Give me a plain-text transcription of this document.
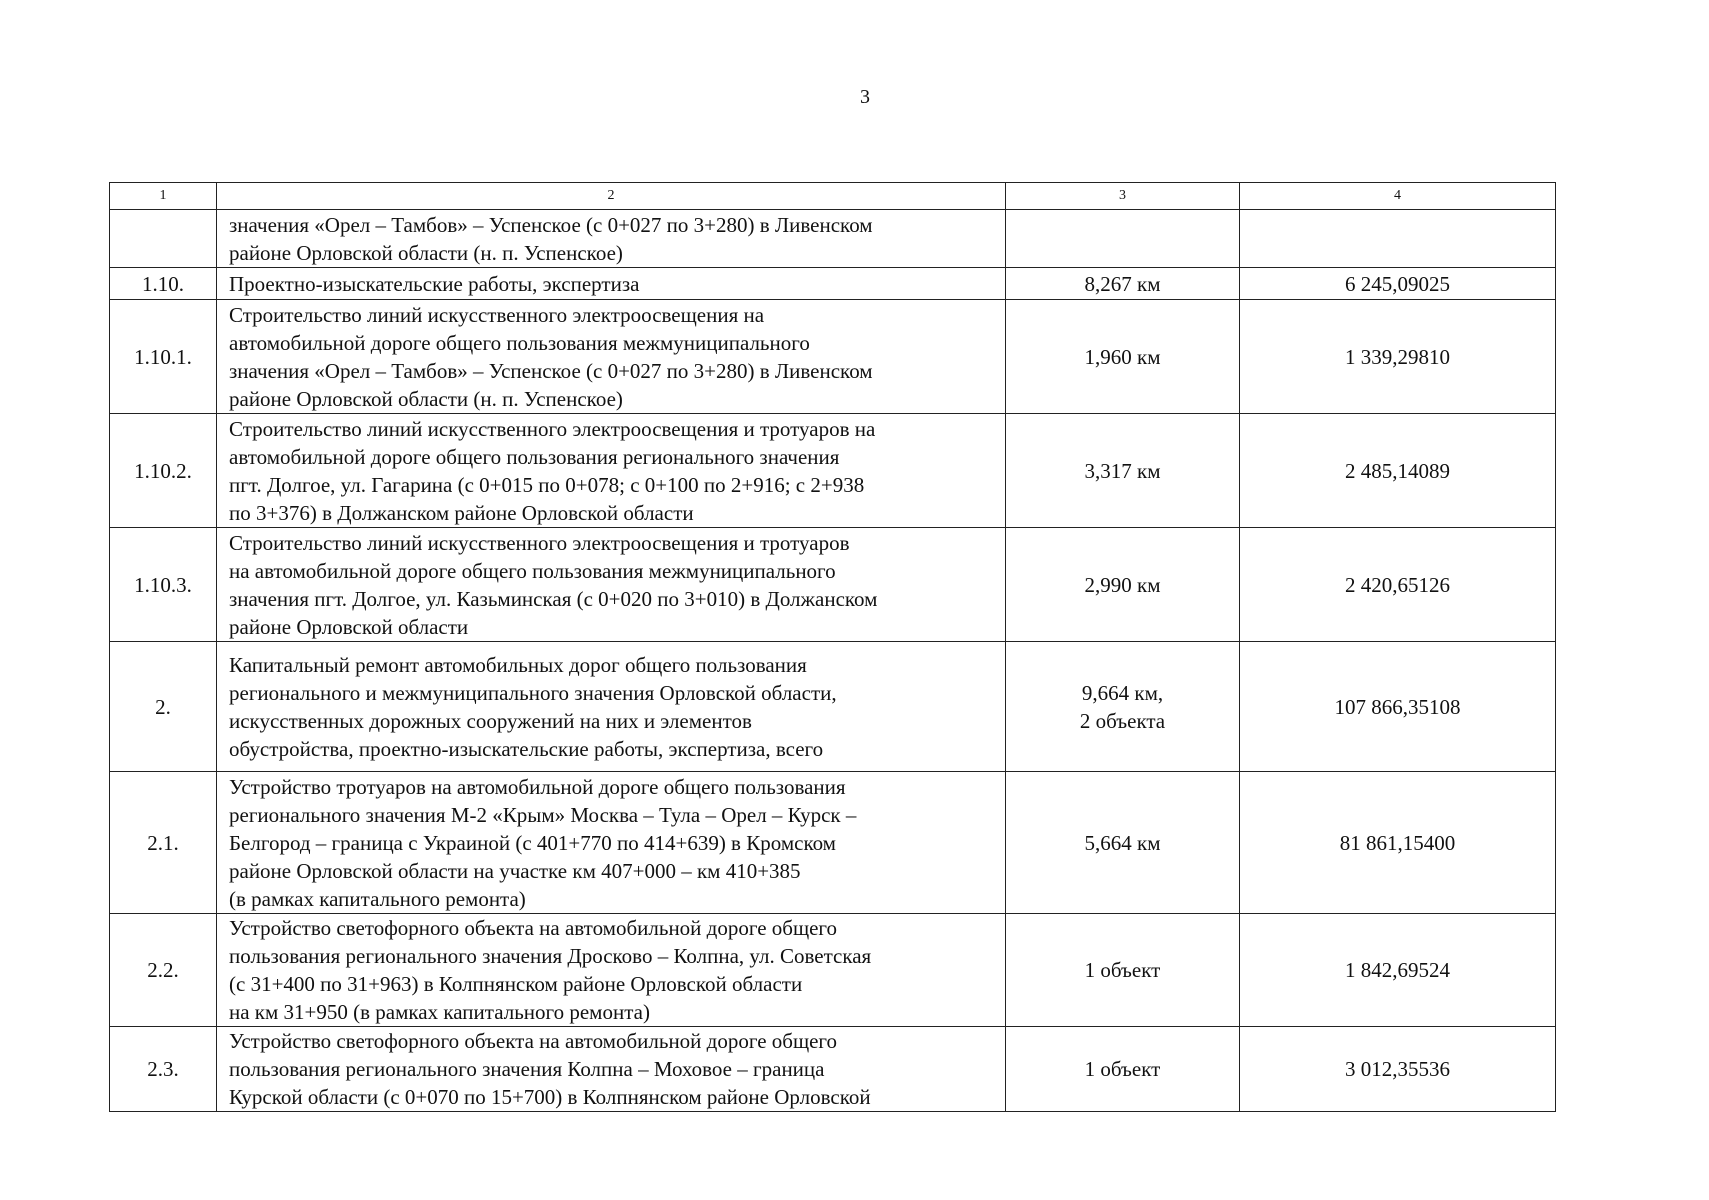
3
1	2	3	4

	значения «Орел – Тамбов» – Успенское (с 0+027 по 3+280) в Ливенском
районе Орловской области (н. п. Успенское)		

1.10.	Проектно-изыскательские работы, экспертиза	8,267 км	6 245,09025
1.10.1.	Строительство линий искусственного электроосвещения на
автомобильной дороге общего пользования межмуниципального
значения «Орел – Тамбов» – Успенское (с 0+027 по 3+280) в Ливенском
районе Орловской области (н. п. Успенское)	1,960 км	1 339,29810
1.10.2.	Строительство линий искусственного электроосвещения и тротуаров на
автомобильной дороге общего пользования регионального значения
пгт. Долгое, ул. Гагарина (с 0+015 по 0+078; с 0+100 по 2+916; с 2+938
по 3+376) в Должанском районе Орловской области	3,317 км	2 485,14089
1.10.3.	Строительство линий искусственного электроосвещения и тротуаров
на автомобильной дороге общего пользования межмуниципального
значения пгт. Долгое, ул. Казьминская (с 0+020 по 3+010) в Должанском
районе Орловской области	2,990 км	2 420,65126
2.	Капитальный ремонт автомобильных дорог общего пользования
регионального и межмуниципального значения Орловской области,
искусственных дорожных сооружений на них и элементов
обустройства, проектно-изыскательские работы, экспертиза, всего	9,664 км,
2 объекта	107 866,35108
2.1.	Устройство тротуаров на автомобильной дороге общего пользования
регионального значения М-2 «Крым» Москва – Тула – Орел – Курск –
Белгород – граница с Украиной (с 401+770 по 414+639) в Кромском
районе Орловской области на участке км 407+000 – км 410+385
(в рамках капитального ремонта)	5,664 км	81 861,15400
2.2.	Устройство светофорного объекта на автомобильной дороге общего
пользования регионального значения Дросково – Колпна, ул. Советская
(с 31+400 по 31+963) в Колпнянском районе Орловской области
на км 31+950 (в рамках капитального ремонта)	1 объект	1 842,69524
2.3.	Устройство светофорного объекта на автомобильной дороге общего
пользования регионального значения Колпна – Моховое – граница
Курской области (с 0+070 по 15+700) в Колпнянском районе Орловской	1 объект	3 012,35536
